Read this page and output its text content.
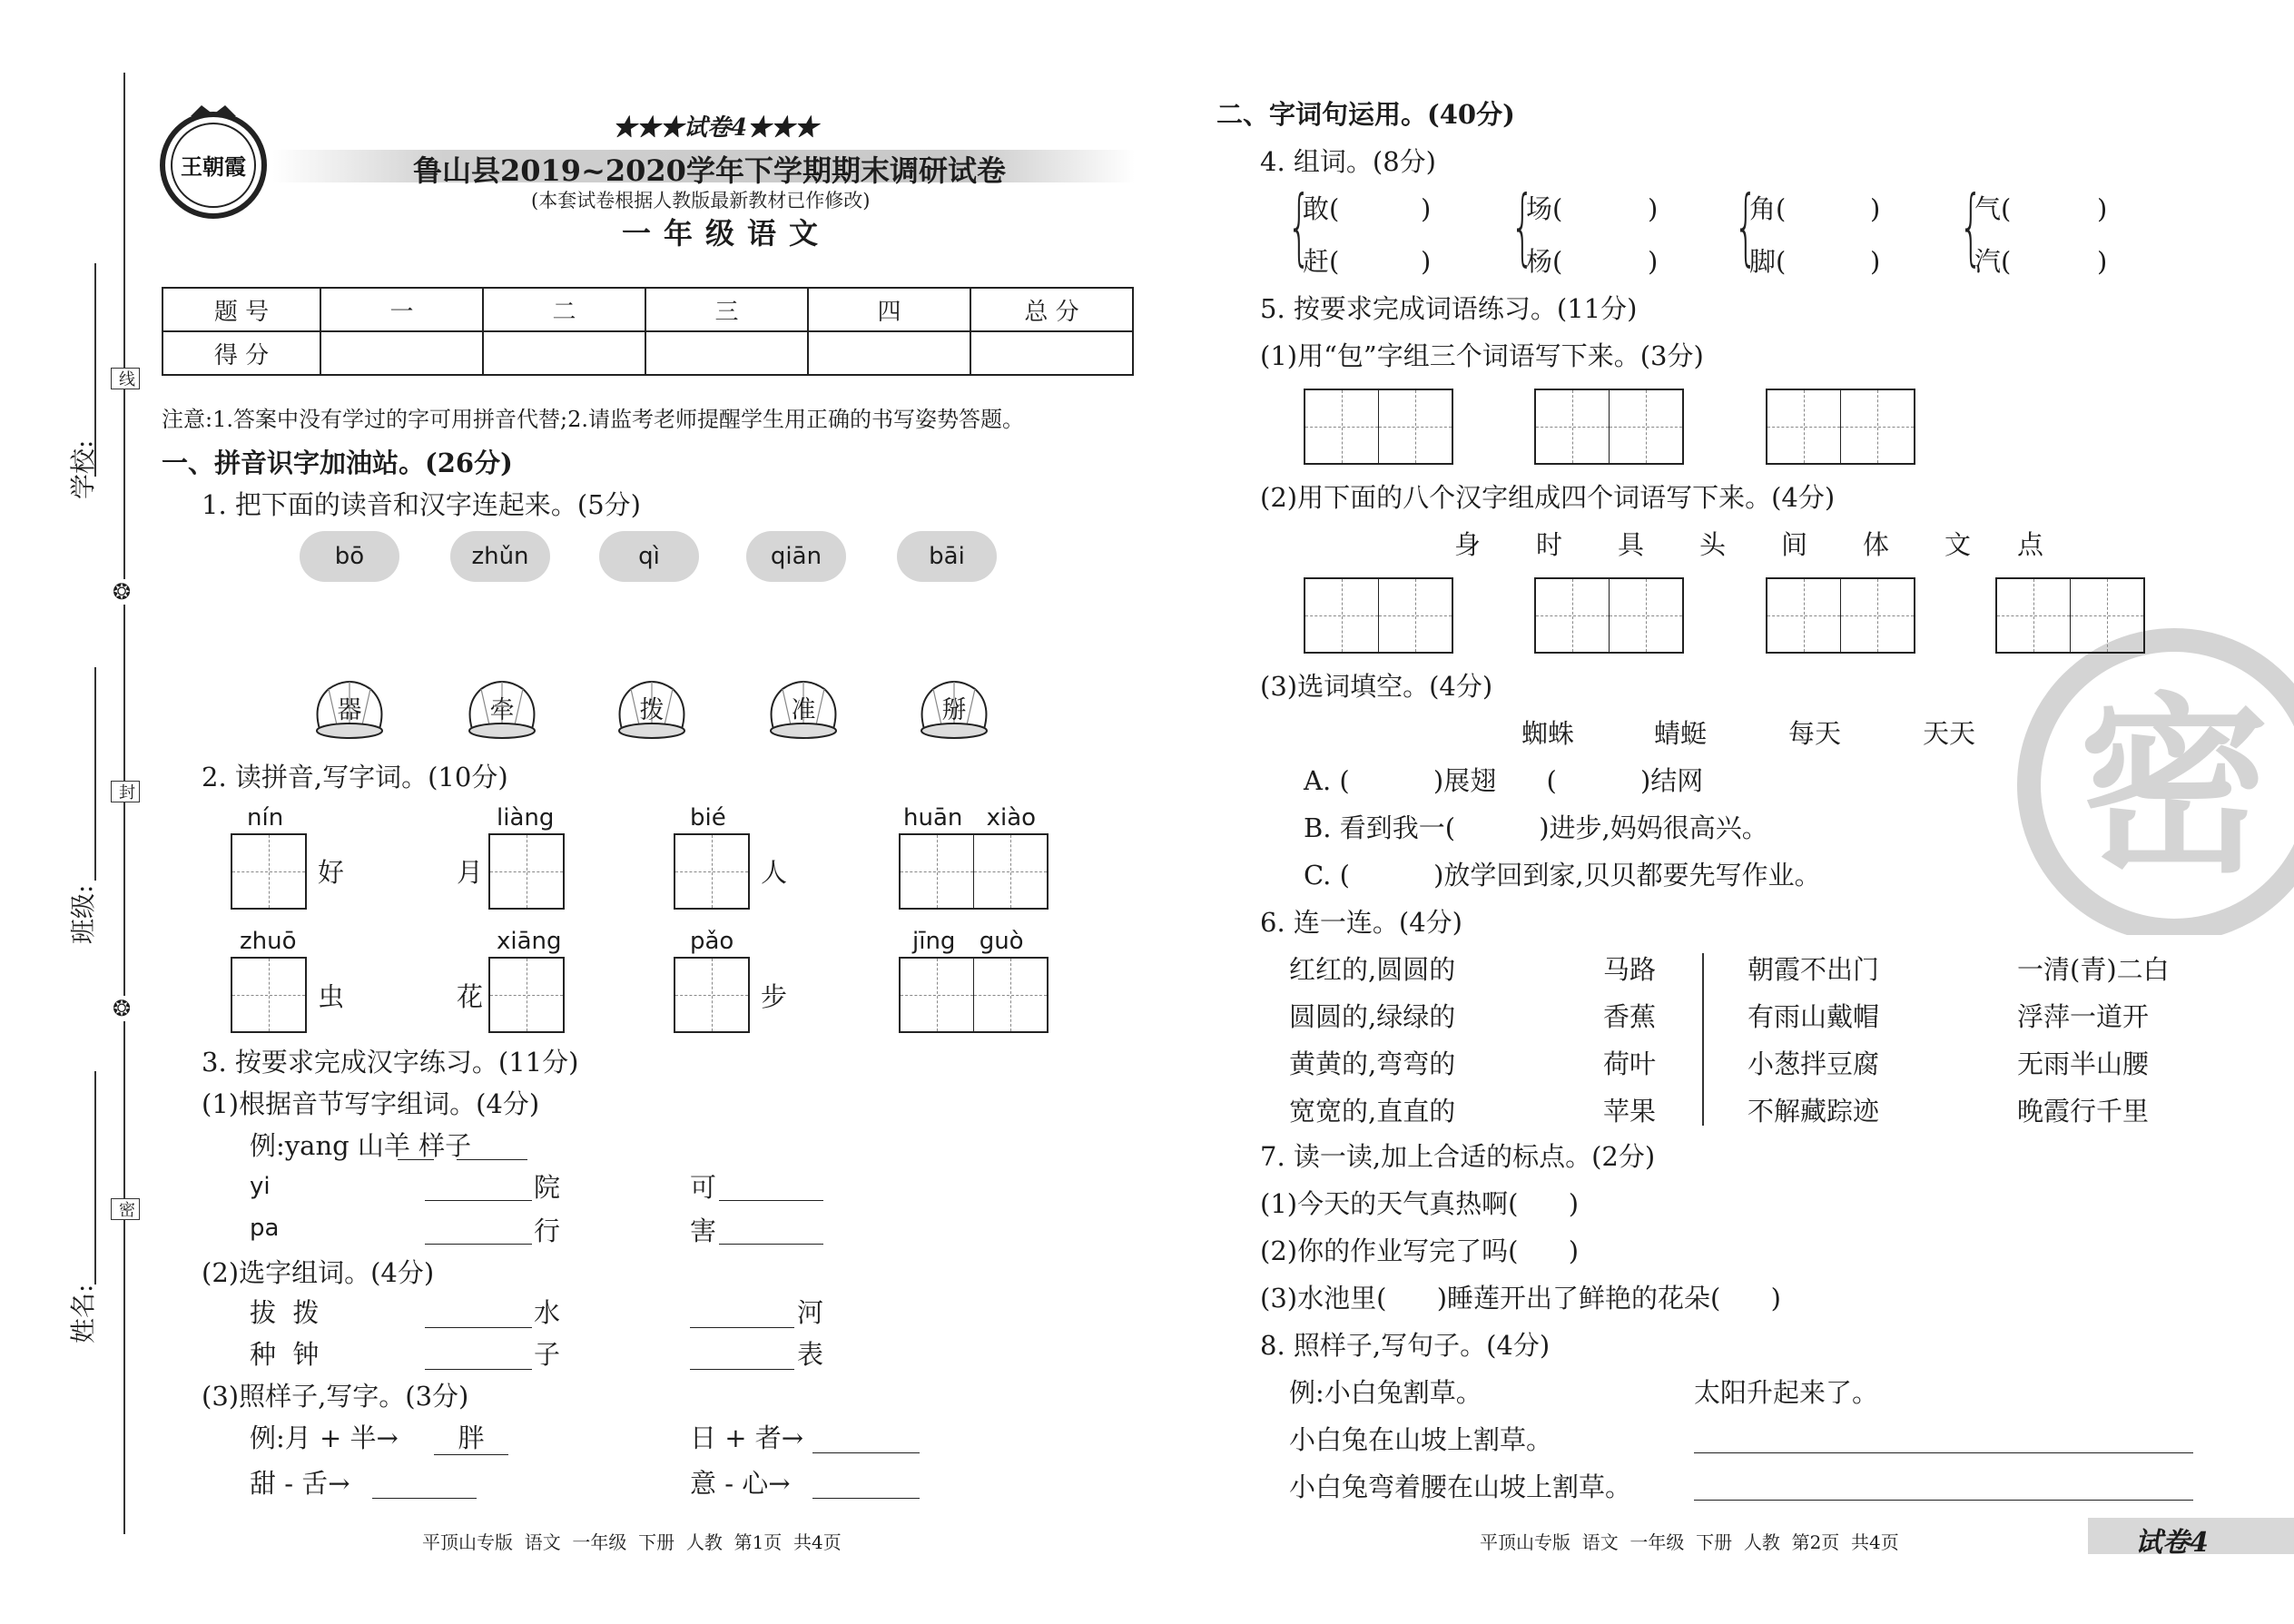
线
封
密
❂
❂
学校:
班级:
姓名:
王朝霞
★★★试卷4★★★
鲁山县2019~2020学年下学期期末调研试卷
(本套试卷根据人教版最新教材已作修改)
一年级语文
题 号	一	二	三	四	总 分
得 分					
注意:1.答案中没有学过的字可用拼音代替;2.请监考老师提醒学生用正确的书写姿势答题。
一、拼音识字加油站。(26分)
1. 把下面的读音和汉字连起来。(5分)
bō	zhǔn	qì	qiān	bāi
器	牵	拨	准	掰
2. 读拼音,写字词。(10分)
nín
好
liàng
月
bié
人
huān xiào
zhuō
虫
xiāng
花
pǎo
步
jīng guò
3. 按要求完成汉字练习。(11分)
(1)根据音节写字组词。(4分)
例:yang 山羊 样子
yi	院	可
pa	行	害
(2)选字组词。(4分)
拔  拨	水	河
种  钟	子	表
(3)照样子,写字。(3分)
例:月 + 半→	胖	日 + 者→
甜 - 舌→	意 - 心→
平顶山专版  语文  一年级  下册  人教  第1页  共4页
密
二、字词句运用。(40分)
4. 组词。(8分)
{
敢(	)
赶(	) {
场(	)
杨(	) {
角(	)
脚(	) {
气(	)
汽(	)
5. 按要求完成词语练习。(11分)
(1)用“包”字组三个词语写下来。(3分)
(2)用下面的八个汉字组成四个词语写下来。(4分)
身 时 具 头 间 体 文 点
(3)选词填空。(4分)
蜘蛛	蜻蜓	每天	天天
A. (          )展翅      (          )结网
B. 看到我一(          )进步,妈妈很高兴。
C. (          )放学回到家,贝贝都要先写作业。
6. 连一连。(4分)
红红的,圆圆的
圆圆的,绿绿的
黄黄的,弯弯的
宽宽的,直直的
马路
香蕉
荷叶
苹果
朝霞不出门
有雨山戴帽
小葱拌豆腐
不解藏踪迹
一清(青)二白
浮萍一道开
无雨半山腰
晚霞行千里
7. 读一读,加上合适的标点。(2分)
(1)今天的天气真热啊(      )
(2)你的作业写完了吗(      )
(3)水池里(      )睡莲开出了鲜艳的花朵(      )
8. 照样子,写句子。(4分)
例:小白兔割草。	太阳升起来了。
小白兔在山坡上割草。
小白兔弯着腰在山坡上割草。
平顶山专版  语文  一年级  下册  人教  第2页  共4页	试卷4
